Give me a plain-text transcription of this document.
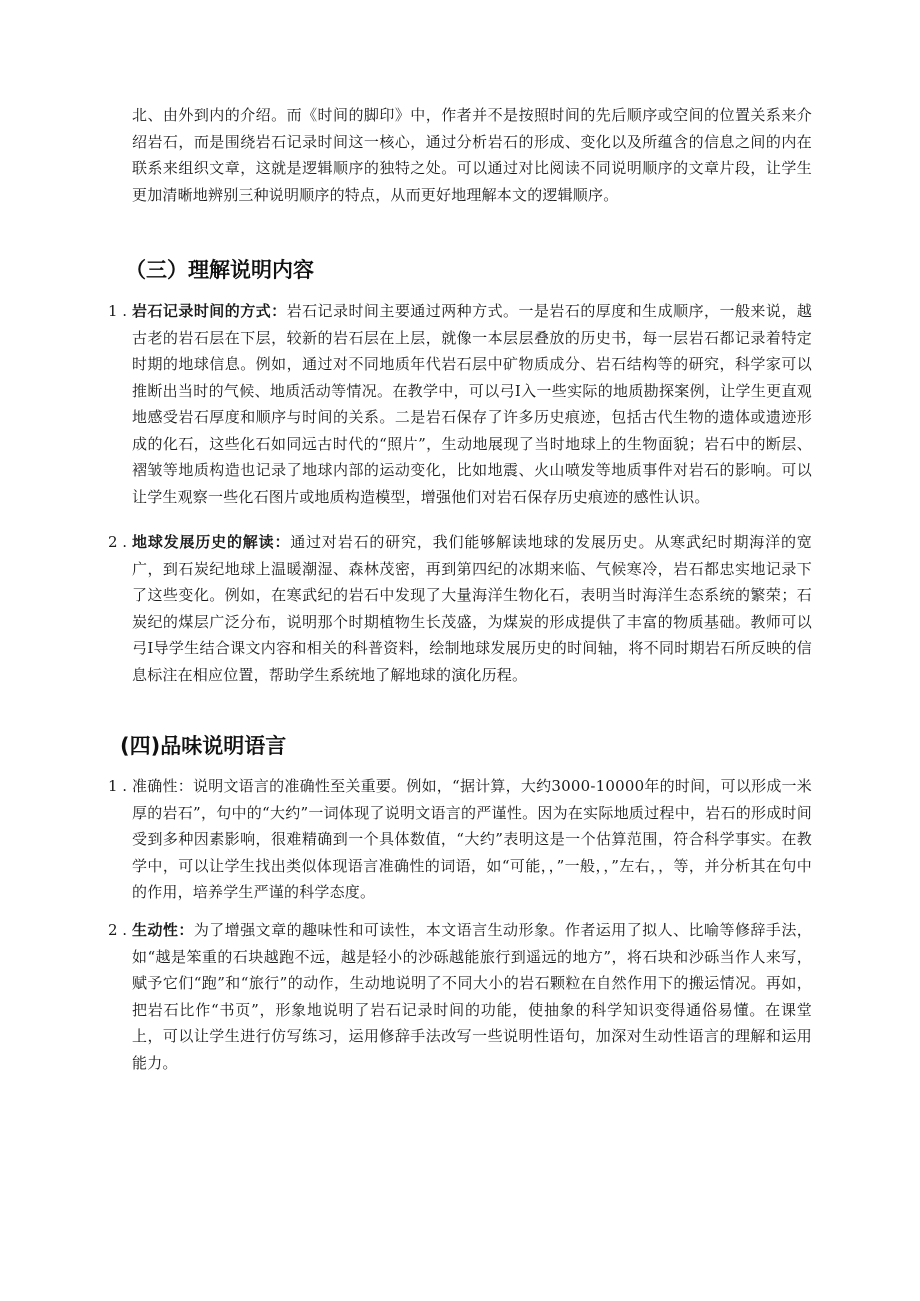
北、由外到内的介绍。而《时间的脚印》中，作者并不是按照时间的先后顺序或空间的位置关系来介绍岩石，而是围绕岩石记录时间这一核心，通过分析岩石的形成、变化以及所蕴含的信息之间的内在联系来组织文章，这就是逻辑顺序的独特之处。可以通过对比阅读不同说明顺序的文章片段，让学生更加清晰地辨别三种说明顺序的特点，从而更好地理解本文的逻辑顺序。

（三）理解说明内容
1 . 岩石记录时间的方式：岩石记录时间主要通过两种方式。一是岩石的厚度和生成顺序，一般来说，越古老的岩石层在下层，较新的岩石层在上层，就像一本层层叠放的历史书，每一层岩石都记录着特定时期的地球信息。例如，通过对不同地质年代岩石层中矿物质成分、岩石结构等的研究，科学家可以推断出当时的气候、地质活动等情况。在教学中，可以弓I入一些实际的地质勘探案例，让学生更直观地感受岩石厚度和顺序与时间的关系。二是岩石保存了许多历史痕迹，包括古代生物的遗体或遗迹形成的化石，这些化石如同远古时代的“照片”，生动地展现了当时地球上的生物面貌；岩石中的断层、褶皱等地质构造也记录了地球内部的运动变化，比如地震、火山喷发等地质事件对岩石的影响。可以让学生观察一些化石图片或地质构造模型，增强他们对岩石保存历史痕迹的感性认识。
2 . 地球发展历史的解读：通过对岩石的研究，我们能够解读地球的发展历史。从寒武纪时期海洋的宽广，到石炭纪地球上温暖潮湿、森林茂密，再到第四纪的冰期来临、气候寒冷，岩石都忠实地记录下了这些变化。例如，在寒武纪的岩石中发现了大量海洋生物化石，表明当时海洋生态系统的繁荣；石炭纪的煤层广泛分布，说明那个时期植物生长茂盛，为煤炭的形成提供了丰富的物质基础。教师可以弓I导学生结合课文内容和相关的科普资料，绘制地球发展历史的时间轴，将不同时期岩石所反映的信息标注在相应位置，帮助学生系统地了解地球的演化历程。
(四)品味说明语言
1 . 准确性：说明文语言的准确性至关重要。例如，“据计算，大约3000-10000年的时间，可以形成一米厚的岩石”，句中的“大约”一词体现了说明文语言的严谨性。因为在实际地质过程中，岩石的形成时间受到多种因素影响，很难精确到一个具体数值，“大约”表明这是一个估算范围，符合科学事实。在教学中，可以让学生找出类似体现语言准确性的词语，如“可能，，”一般，，”左右，，等，并分析其在句中的作用，培养学生严谨的科学态度。
2 . 生动性：为了增强文章的趣味性和可读性，本文语言生动形象。作者运用了拟人、比喻等修辞手法，如“越是笨重的石块越跑不远，越是轻小的沙砾越能旅行到遥远的地方”，将石块和沙砾当作人来写，赋予它们“跑”和“旅行”的动作，生动地说明了不同大小的岩石颗粒在自然作用下的搬运情况。再如，把岩石比作“书页”，形象地说明了岩石记录时间的功能，使抽象的科学知识变得通俗易懂。在课堂上，可以让学生进行仿写练习，运用修辞手法改写一些说明性语句，加深对生动性语言的理解和运用能力。
